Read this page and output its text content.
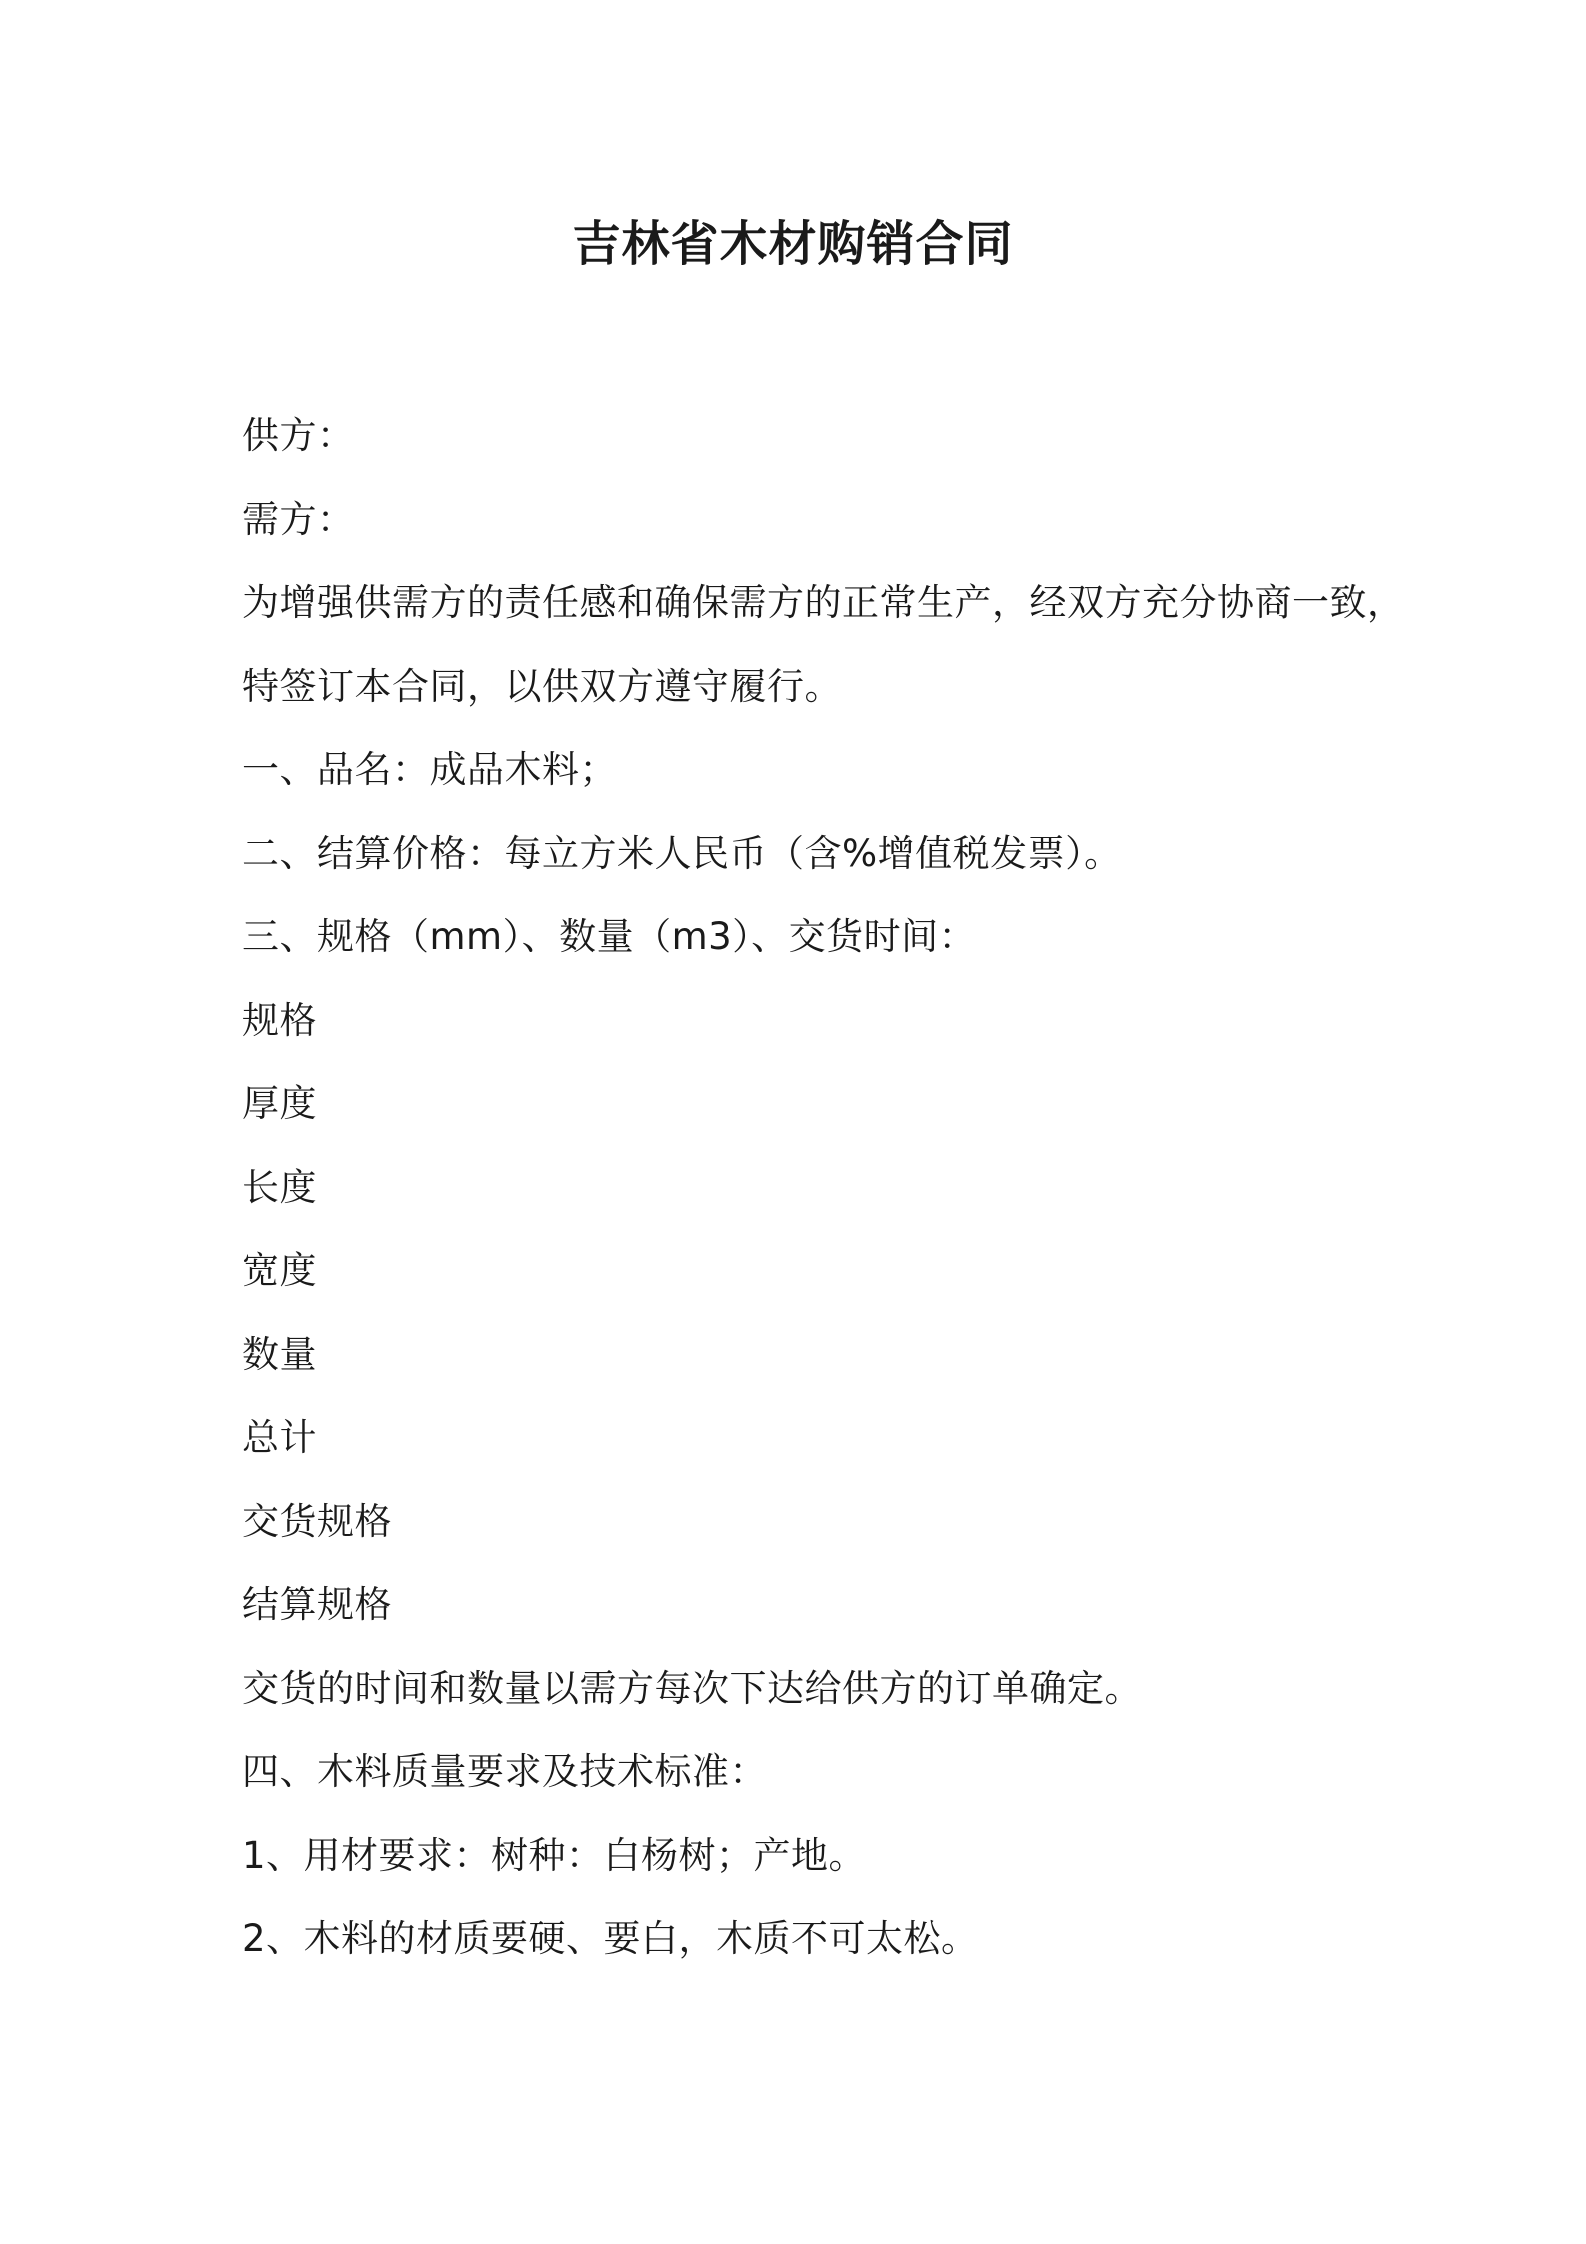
吉林省木材购销合同
供方：
需方：
为增强供需方的责任感和确保需方的正常生产，经双方充分协商一致，
特签订本合同，以供双方遵守履行。
一、品名：成品木料；
二、结算价格：每立方米人民币（含%增值税发票）。
三、规格（mm）、数量（m3）、交货时间：
规格
厚度
长度
宽度
数量
总计
交货规格
结算规格
交货的时间和数量以需方每次下达给供方的订单确定。
四、木料质量要求及技术标准：
1、用材要求：树种：白杨树；产地。
2、木料的材质要硬、要白，木质不可太松。
